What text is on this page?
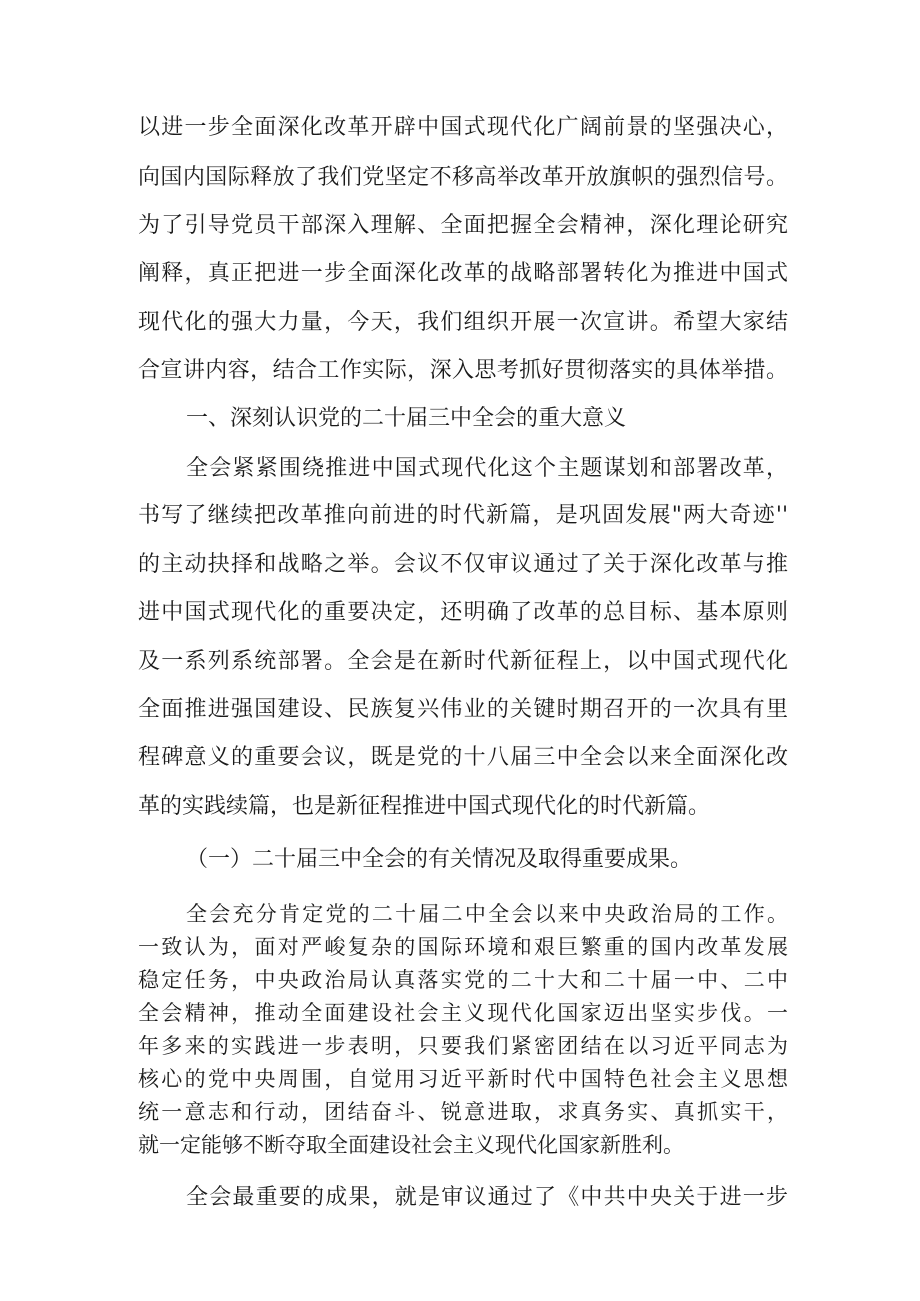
以进一步全面深化改革开辟中国式现代化广阔前景的坚强决心，
向国内国际释放了我们党坚定不移高举改革开放旗帜的强烈信号。
为了引导党员干部深入理解、全面把握全会精神，深化理论研究
阐释，真正把进一步全面深化改革的战略部署转化为推进中国式
现代化的强大力量，今天，我们组织开展一次宣讲。希望大家结
合宣讲内容，结合工作实际，深入思考抓好贯彻落实的具体举措。
一、深刻认识党的二十届三中全会的重大意义
全会紧紧围绕推进中国式现代化这个主题谋划和部署改革，
书写了继续把改革推向前进的时代新篇，是巩固发展"两大奇迹''
的主动抉择和战略之举。会议不仅审议通过了关于深化改革与推
进中国式现代化的重要决定，还明确了改革的总目标、基本原则
及一系列系统部署。全会是在新时代新征程上，以中国式现代化
全面推进强国建设、民族复兴伟业的关键时期召开的一次具有里
程碑意义的重要会议，既是党的十八届三中全会以来全面深化改
革的实践续篇，也是新征程推进中国式现代化的时代新篇。
（一）二十届三中全会的有关情况及取得重要成果。
全会充分肯定党的二十届二中全会以来中央政治局的工作。
一致认为，面对严峻复杂的国际环境和艰巨繁重的国内改革发展
稳定任务，中央政治局认真落实党的二十大和二十届一中、二中
全会精神，推动全面建设社会主义现代化国家迈出坚实步伐。一
年多来的实践进一步表明，只要我们紧密团结在以习近平同志为
核心的党中央周围，自觉用习近平新时代中国特色社会主义思想
统一意志和行动，团结奋斗、锐意进取，求真务实、真抓实干，
就一定能够不断夺取全面建设社会主义现代化国家新胜利。
全会最重要的成果，就是审议通过了《中共中央关于进一步
